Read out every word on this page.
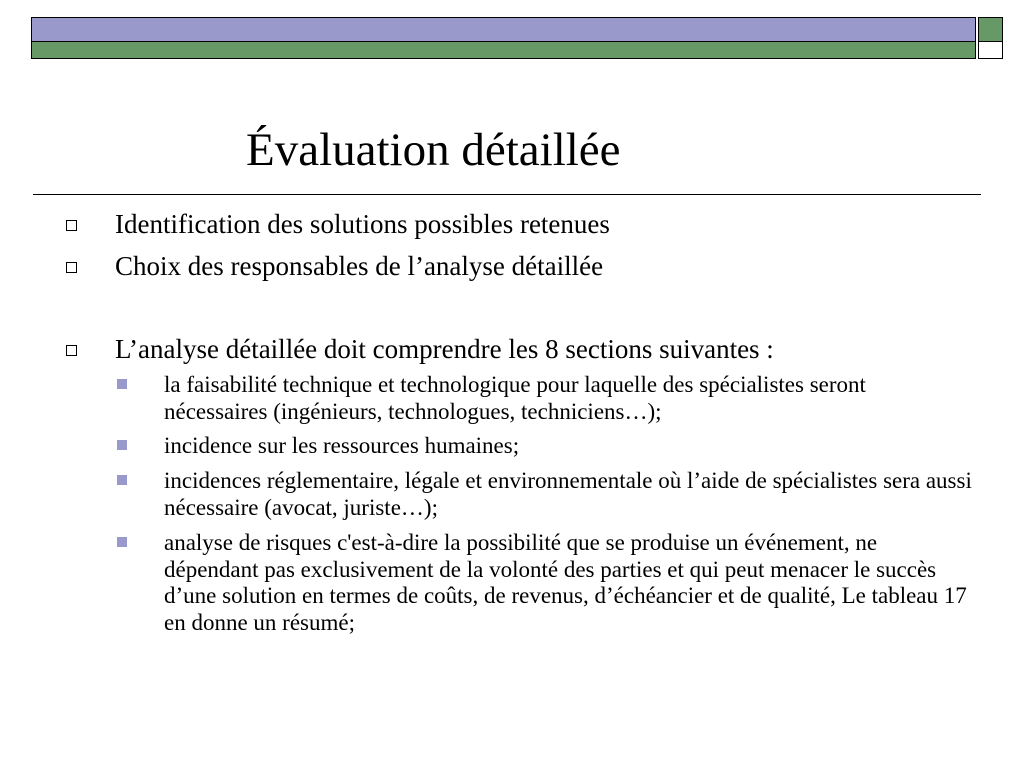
Évaluation détaillée
Identification des solutions possibles retenues
Choix des responsables de l’analyse détaillée
L’analyse détaillée doit comprendre les 8 sections suivantes :
la faisabilité technique et technologique pour laquelle des spécialistes seront nécessaires (ingénieurs, technologues, techniciens…);
incidence sur les ressources humaines;
incidences réglementaire, légale et environnementale où l’aide de spécialistes sera aussi nécessaire (avocat, juriste…);
analyse de risques c'est-à-dire la possibilité que se produise un événement, ne dépendant pas exclusivement de la volonté des parties et qui peut menacer le succès d’une solution en termes de coûts, de revenus, d’échéancier et de qualité, Le tableau 17 en donne un résumé;
